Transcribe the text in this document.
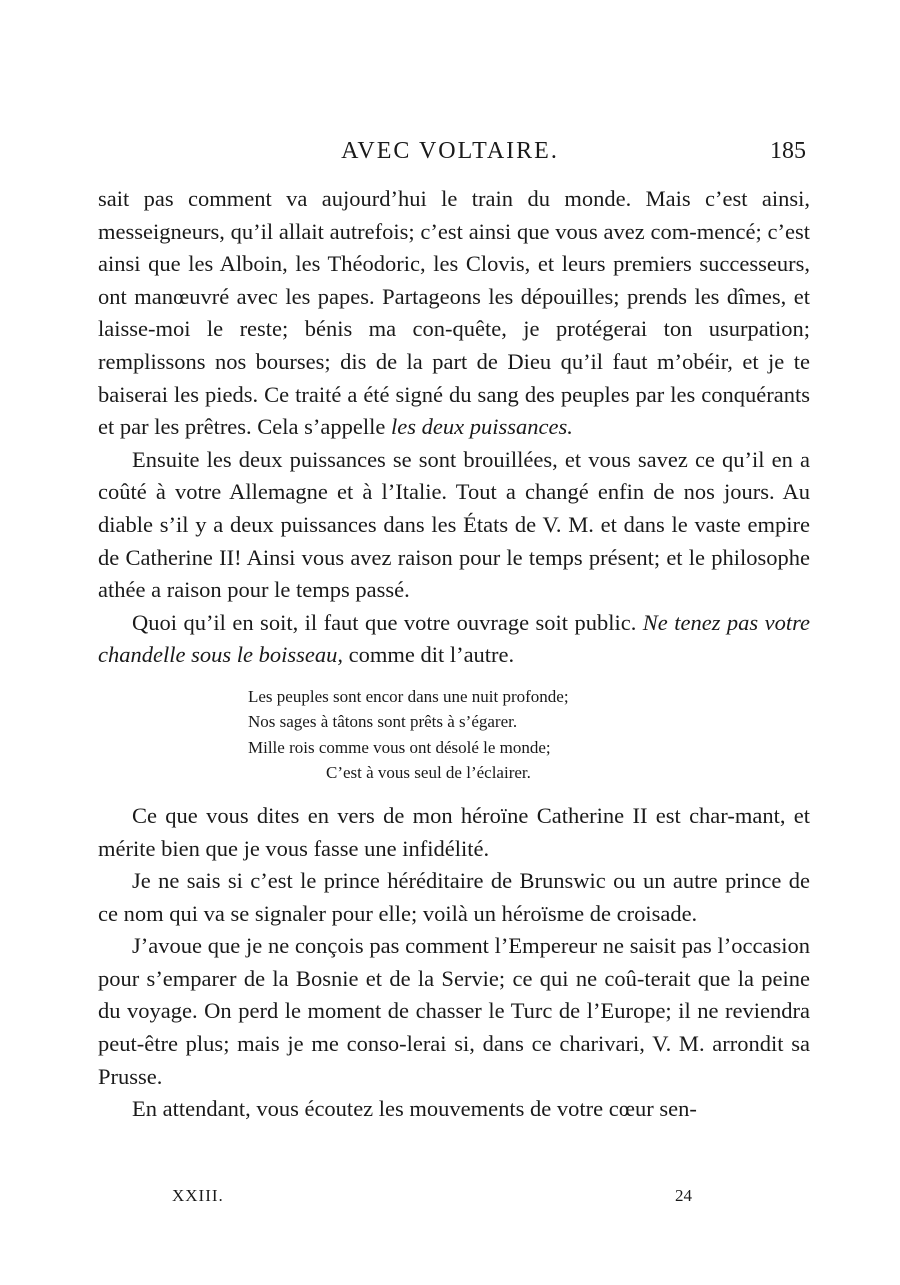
AVEC VOLTAIRE.	185

sait pas comment va aujourd’hui le train du monde. Mais c’est ainsi, messeigneurs, qu’il allait autrefois; c’est ainsi que vous avez com-mencé; c’est ainsi que les Alboin, les Théodoric, les Clovis, et leurs premiers successeurs, ont manœuvré avec les papes. Partageons les dépouilles; prends les dîmes, et laisse-moi le reste; bénis ma con-quête, je protégerai ton usurpation; remplissons nos bourses; dis de la part de Dieu qu’il faut m’obéir, et je te baiserai les pieds. Ce traité a été signé du sang des peuples par les conquérants et par les prêtres. Cela s’appelle les deux puissances.

Ensuite les deux puissances se sont brouillées, et vous savez ce qu’il en a coûté à votre Allemagne et à l’Italie. Tout a changé enfin de nos jours. Au diable s’il y a deux puissances dans les États de V. M. et dans le vaste empire de Catherine II! Ainsi vous avez raison pour le temps présent; et le philosophe athée a raison pour le temps passé.

Quoi qu’il en soit, il faut que votre ouvrage soit public. Ne tenez pas votre chandelle sous le boisseau, comme dit l’autre.

Les peuples sont encor dans une nuit profonde;
Nos sages à tâtons sont prêts à s’égarer.
Mille rois comme vous ont désolé le monde;
C’est à vous seul de l’éclairer.

Ce que vous dites en vers de mon héroïne Catherine II est char-mant, et mérite bien que je vous fasse une infidélité.

Je ne sais si c’est le prince héréditaire de Brunswic ou un autre prince de ce nom qui va se signaler pour elle; voilà un héroïsme de croisade.

J’avoue que je ne conçois pas comment l’Empereur ne saisit pas l’occasion pour s’emparer de la Bosnie et de la Servie; ce qui ne coû-terait que la peine du voyage. On perd le moment de chasser le Turc de l’Europe; il ne reviendra peut-être plus; mais je me conso-lerai si, dans ce charivari, V. M. arrondit sa Prusse.

En attendant, vous écoutez les mouvements de votre cœur sen-

XXIII.	24
